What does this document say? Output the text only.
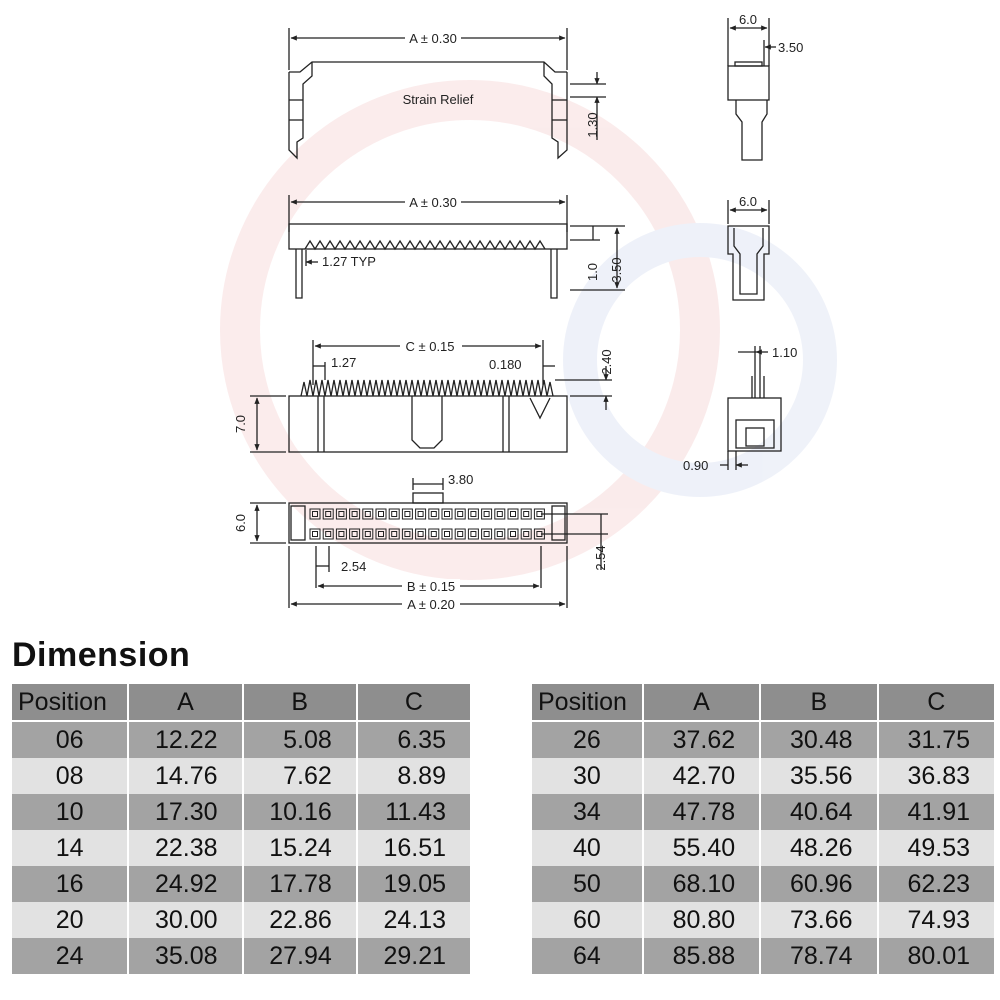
A ± 0.30
Strain Relief
1.30
A ± 0.30
1.27 TYP
1.0 3.50
C ± 0.15
1.27	0.180	2.40
7.0
3.80
6.0
2.54	2.54
B ± 0.15
A ± 0.20
6.0
3.50
6.0
1.10
0.90
Dimension
Position	A	B	C
06	12.22	5.08	6.35
08	14.76	7.62	8.89
10	17.30	10.16	11.43
14	22.38	15.24	16.51
16	24.92	17.78	19.05
20	30.00	22.86	24.13
24	35.08	27.94	29.21
Position	A	B	C
26	37.62	30.48	31.75
30	42.70	35.56	36.83
34	47.78	40.64	41.91
40	55.40	48.26	49.53
50	68.10	60.96	62.23
60	80.80	73.66	74.93
64	85.88	78.74	80.01
